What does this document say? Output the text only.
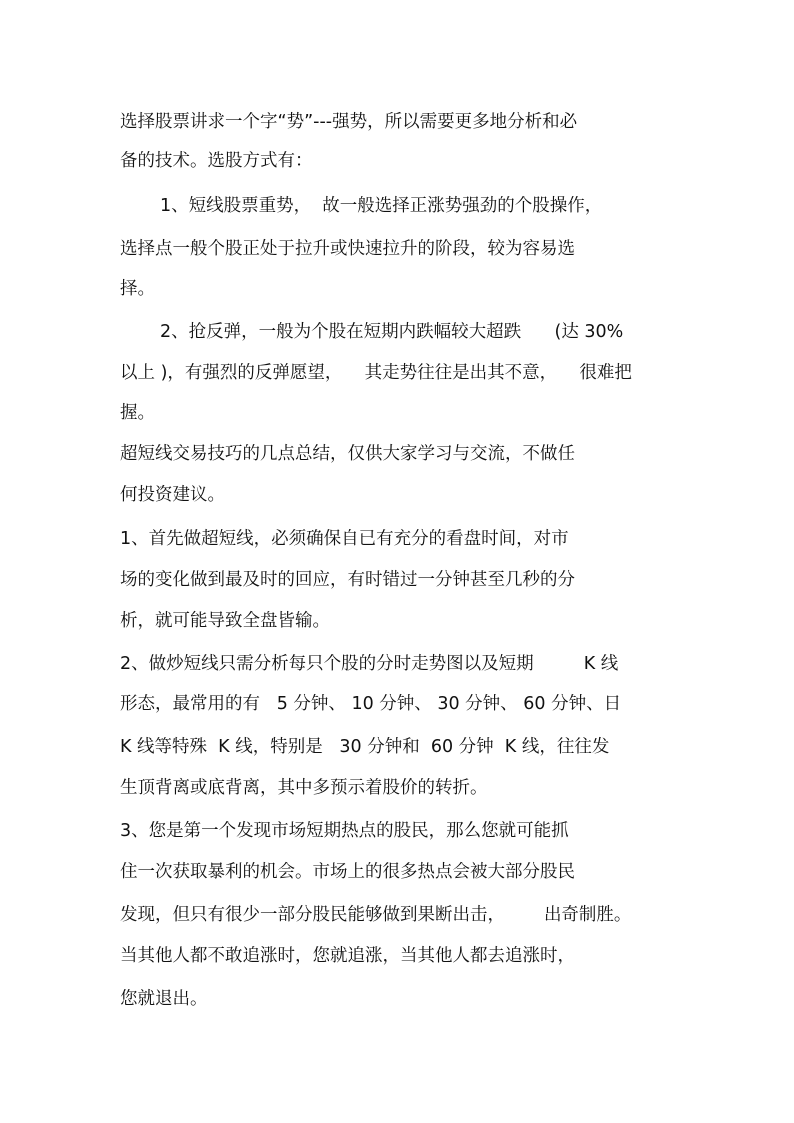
选择股票讲求一个字“势”---强势，所以需要更多地分析和必
备的技术。选股方式有：
1、短线股票重势，  故一般选择正涨势强劲的个股操作，
选择点一般个股正处于拉升或快速拉升的阶段，较为容易选
择。
2、抢反弹，一般为个股在短期内跌幅较大超跌      (达 30%
以上 )，有强烈的反弹愿望，    其走势往往是出其不意，    很难把
握。
超短线交易技巧的几点总结，仅供大家学习与交流，不做任
何投资建议。
1、首先做超短线，必须确保自已有充分的看盘时间，对市
场的变化做到最及时的回应，有时错过一分钟甚至几秒的分
析，就可能导致全盘皆输。
2、做炒短线只需分析每只个股的分时走势图以及短期         K 线
形态，最常用的有   5 分钟、 10 分钟、 30 分钟、 60 分钟、日
K 线等特殊  K 线，特别是   30 分钟和  60 分钟  K 线，往往发
生顶背离或底背离，其中多预示着股价的转折。
3、您是第一个发现市场短期热点的股民，那么您就可能抓
住一次获取暴利的机会。市场上的很多热点会被大部分股民
发现，但只有很少一部分股民能够做到果断出击，       出奇制胜。
当其他人都不敢追涨时，您就追涨，当其他人都去追涨时，
您就退出。
